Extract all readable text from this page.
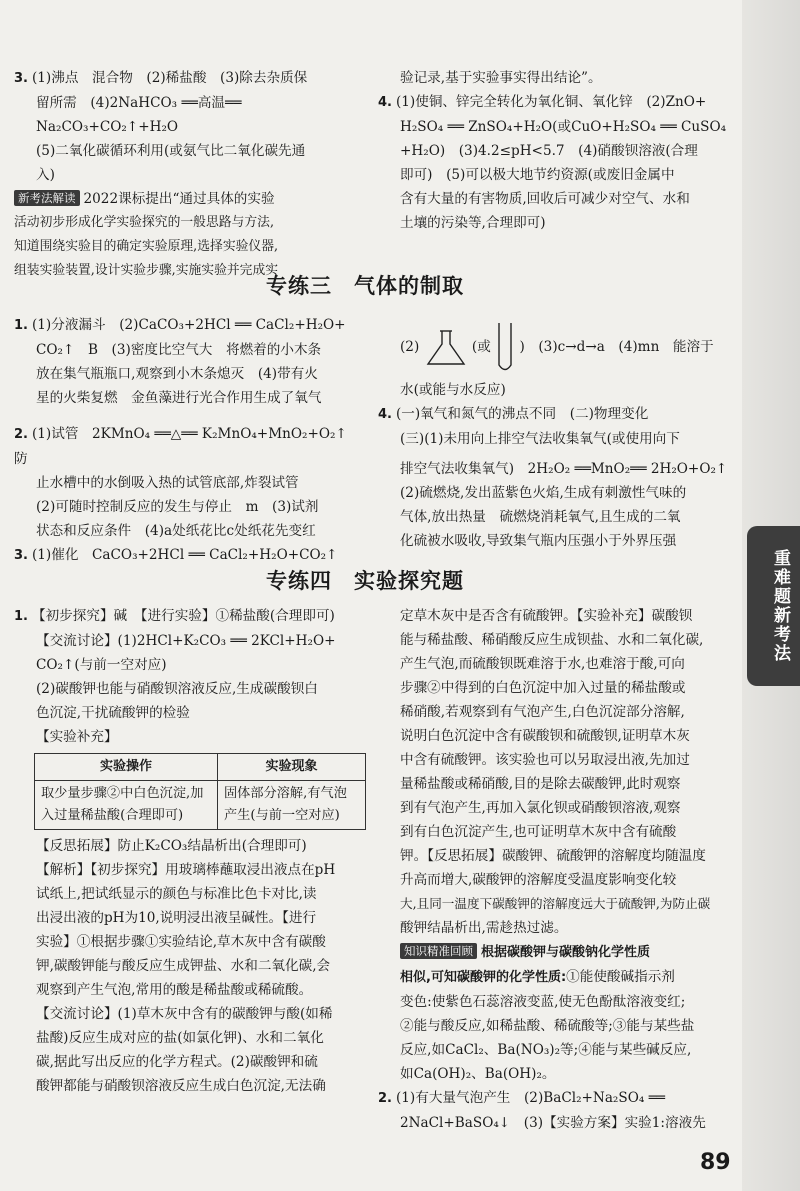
3. (1)沸点　混合物　(2)稀盐酸　(3)除去杂质保

留所需　(4)2NaHCO₃ ══高温══ Na₂CO₃+CO₂↑+H₂O

(5)二氧化碳循环利用(或氨气比二氧化碳先通

入)

新考法解读 2022课标提出“通过具体的实验

活动初步形成化学实验探究的一般思路与方法,

知道围绕实验目的确定实验原理,选择实验仪器,

组装实验装置,设计实验步骤,实施实验并完成实

验记录,基于实验事实得出结论”。

4. (1)使铜、锌完全转化为氧化铜、氧化锌　(2)ZnO+

H₂SO₄ ══ ZnSO₄+H₂O(或CuO+H₂SO₄ ══ CuSO₄

+H₂O)　(3)4.2≤pH<5.7　(4)硝酸钡溶液(合理

即可)　(5)可以极大地节约资源(或废旧金属中

含有大量的有害物质,回收后可减少对空气、水和

土壤的污染等,合理即可)

专练三　气体的制取

1. (1)分液漏斗　(2)CaCO₃+2HCl ══ CaCl₂+H₂O+

CO₂↑　B　(3)密度比空气大　将燃着的小木条

放在集气瓶瓶口,观察到小木条熄灭　(4)带有火

星的火柴复燃　金鱼藻进行光合作用生成了氧气

2. (1)试管　2KMnO₄ ══△══ K₂MnO₄+MnO₂+O₂↑　防

止水槽中的水倒吸入热的试管底部,炸裂试管

(2)可随时控制反应的发生与停止　m　(3)试剂

状态和反应条件　(4)a处纸花比c处纸花先变红

3. (1)催化　CaCO₃+2HCl ══ CaCl₂+H₂O+CO₂↑

(2)	(或 )　(3)c→d→a　(4)mn　能溶于

水(或能与水反应)

4. (一)氧气和氮气的沸点不同　(二)物理变化

(三)(1)未用向上排空气法收集氧气(或使用向下

排空气法收集氧气)　2H₂O₂ ══MnO₂══ 2H₂O+O₂↑

(2)硫燃烧,发出蓝紫色火焰,生成有刺激性气味的

气体,放出热量　硫燃烧消耗氧气,且生成的二氧

化硫被水吸收,导致集气瓶内压强小于外界压强

专练四　实验探究题

1. 【初步探究】碱　【进行实验】①稀盐酸(合理即可)

【交流讨论】(1)2HCl+K₂CO₃ ══ 2KCl+H₂O+

CO₂↑(与前一空对应)

(2)碳酸钾也能与硝酸钡溶液反应,生成碳酸钡白

色沉淀,干扰硫酸钾的检验

【实验补充】

实验操作	实验现象
取少量步骤②中白色沉淀,加入过量稀盐酸(合理即可)	固体部分溶解,有气泡产生(与前一空对应)

【反思拓展】防止K₂CO₃结晶析出(合理即可)

【解析】【初步探究】用玻璃棒蘸取浸出液点在pH

试纸上,把试纸显示的颜色与标准比色卡对比,读

出浸出液的pH为10,说明浸出液呈碱性。【进行

实验】①根据步骤①实验结论,草木灰中含有碳酸

钾,碳酸钾能与酸反应生成钾盐、水和二氧化碳,会

观察到产生气泡,常用的酸是稀盐酸或稀硫酸。

【交流讨论】(1)草木灰中含有的碳酸钾与酸(如稀

盐酸)反应生成对应的盐(如氯化钾)、水和二氧化

碳,据此写出反应的化学方程式。(2)碳酸钾和硫

酸钾都能与硝酸钡溶液反应生成白色沉淀,无法确

定草木灰中是否含有硫酸钾。【实验补充】碳酸钡

能与稀盐酸、稀硝酸反应生成钡盐、水和二氧化碳,

产生气泡,而硫酸钡既难溶于水,也难溶于酸,可向

步骤②中得到的白色沉淀中加入过量的稀盐酸或

稀硝酸,若观察到有气泡产生,白色沉淀部分溶解,

说明白色沉淀中含有碳酸钡和硫酸钡,证明草木灰

中含有硫酸钾。该实验也可以另取浸出液,先加过

量稀盐酸或稀硝酸,目的是除去碳酸钾,此时观察

到有气泡产生,再加入氯化钡或硝酸钡溶液,观察

到有白色沉淀产生,也可证明草木灰中含有硫酸

钾。【反思拓展】碳酸钾、硫酸钾的溶解度均随温度

升高而增大,碳酸钾的溶解度受温度影响变化较

大,且同一温度下碳酸钾的溶解度远大于硫酸钾,为防止碳

酸钾结晶析出,需趁热过滤。

知识精准回顾 根据碳酸钾与碳酸钠化学性质

相似,可知碳酸钾的化学性质:①能使酸碱指示剂

变色:使紫色石蕊溶液变蓝,使无色酚酞溶液变红;

②能与酸反应,如稀盐酸、稀硫酸等;③能与某些盐

反应,如CaCl₂、Ba(NO₃)₂等;④能与某些碱反应,

如Ca(OH)₂、Ba(OH)₂。

2. (1)有大量气泡产生　(2)BaCl₂+Na₂SO₄ ══

2NaCl+BaSO₄↓　(3)【实验方案】实验1:溶液先

重难题新考法
89
